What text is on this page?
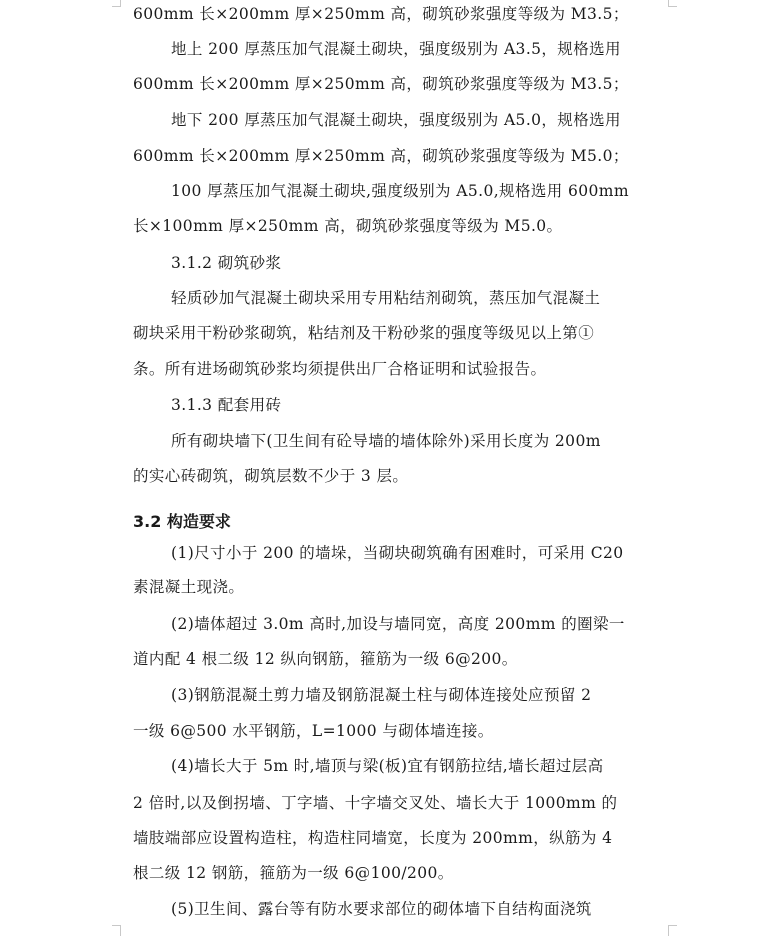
600mm 长×200mm 厚×250mm 高，砌筑砂浆强度等级为 M3.5；
地上 200 厚蒸压加气混凝土砌块，强度级别为 A3.5，规格选用
600mm 长×200mm 厚×250mm 高，砌筑砂浆强度等级为 M3.5；
地下 200 厚蒸压加气混凝土砌块，强度级别为 A5.0，规格选用
600mm 长×200mm 厚×250mm 高，砌筑砂浆强度等级为 M5.0；
100 厚蒸压加气混凝土砌块,强度级别为 A5.0,规格选用 600mm
长×100mm 厚×250mm 高，砌筑砂浆强度等级为 M5.0。
3.1.2 砌筑砂浆
轻质砂加气混凝土砌块采用专用粘结剂砌筑，蒸压加气混凝土
砌块采用干粉砂浆砌筑，粘结剂及干粉砂浆的强度等级见以上第①
条。所有进场砌筑砂浆均须提供出厂合格证明和试验报告。
3.1.3 配套用砖
所有砌块墙下(卫生间有砼导墙的墙体除外)采用长度为 200m
的实心砖砌筑，砌筑层数不少于 3 层。
3.2 构造要求
(1)尺寸小于 200 的墙垛，当砌块砌筑确有困难时，可采用 C20
素混凝土现浇。
(2)墙体超过 3.0m 高时,加设与墙同宽，高度 200mm 的圈梁一
道内配 4 根二级 12 纵向钢筋，箍筋为一级 6@200。
(3)钢筋混凝土剪力墙及钢筋混凝土柱与砌体连接处应预留 2
一级 6@500 水平钢筋，L=1000 与砌体墙连接。
(4)墙长大于 5m 时,墙顶与梁(板)宜有钢筋拉结,墙长超过层高
2 倍时,以及倒拐墙、丁字墙、十字墙交叉处、墙长大于 1000mm 的
墙肢端部应设置构造柱，构造柱同墙宽，长度为 200mm，纵筋为 4
根二级 12 钢筋，箍筋为一级 6@100/200。
(5)卫生间、露台等有防水要求部位的砌体墙下自结构面浇筑
